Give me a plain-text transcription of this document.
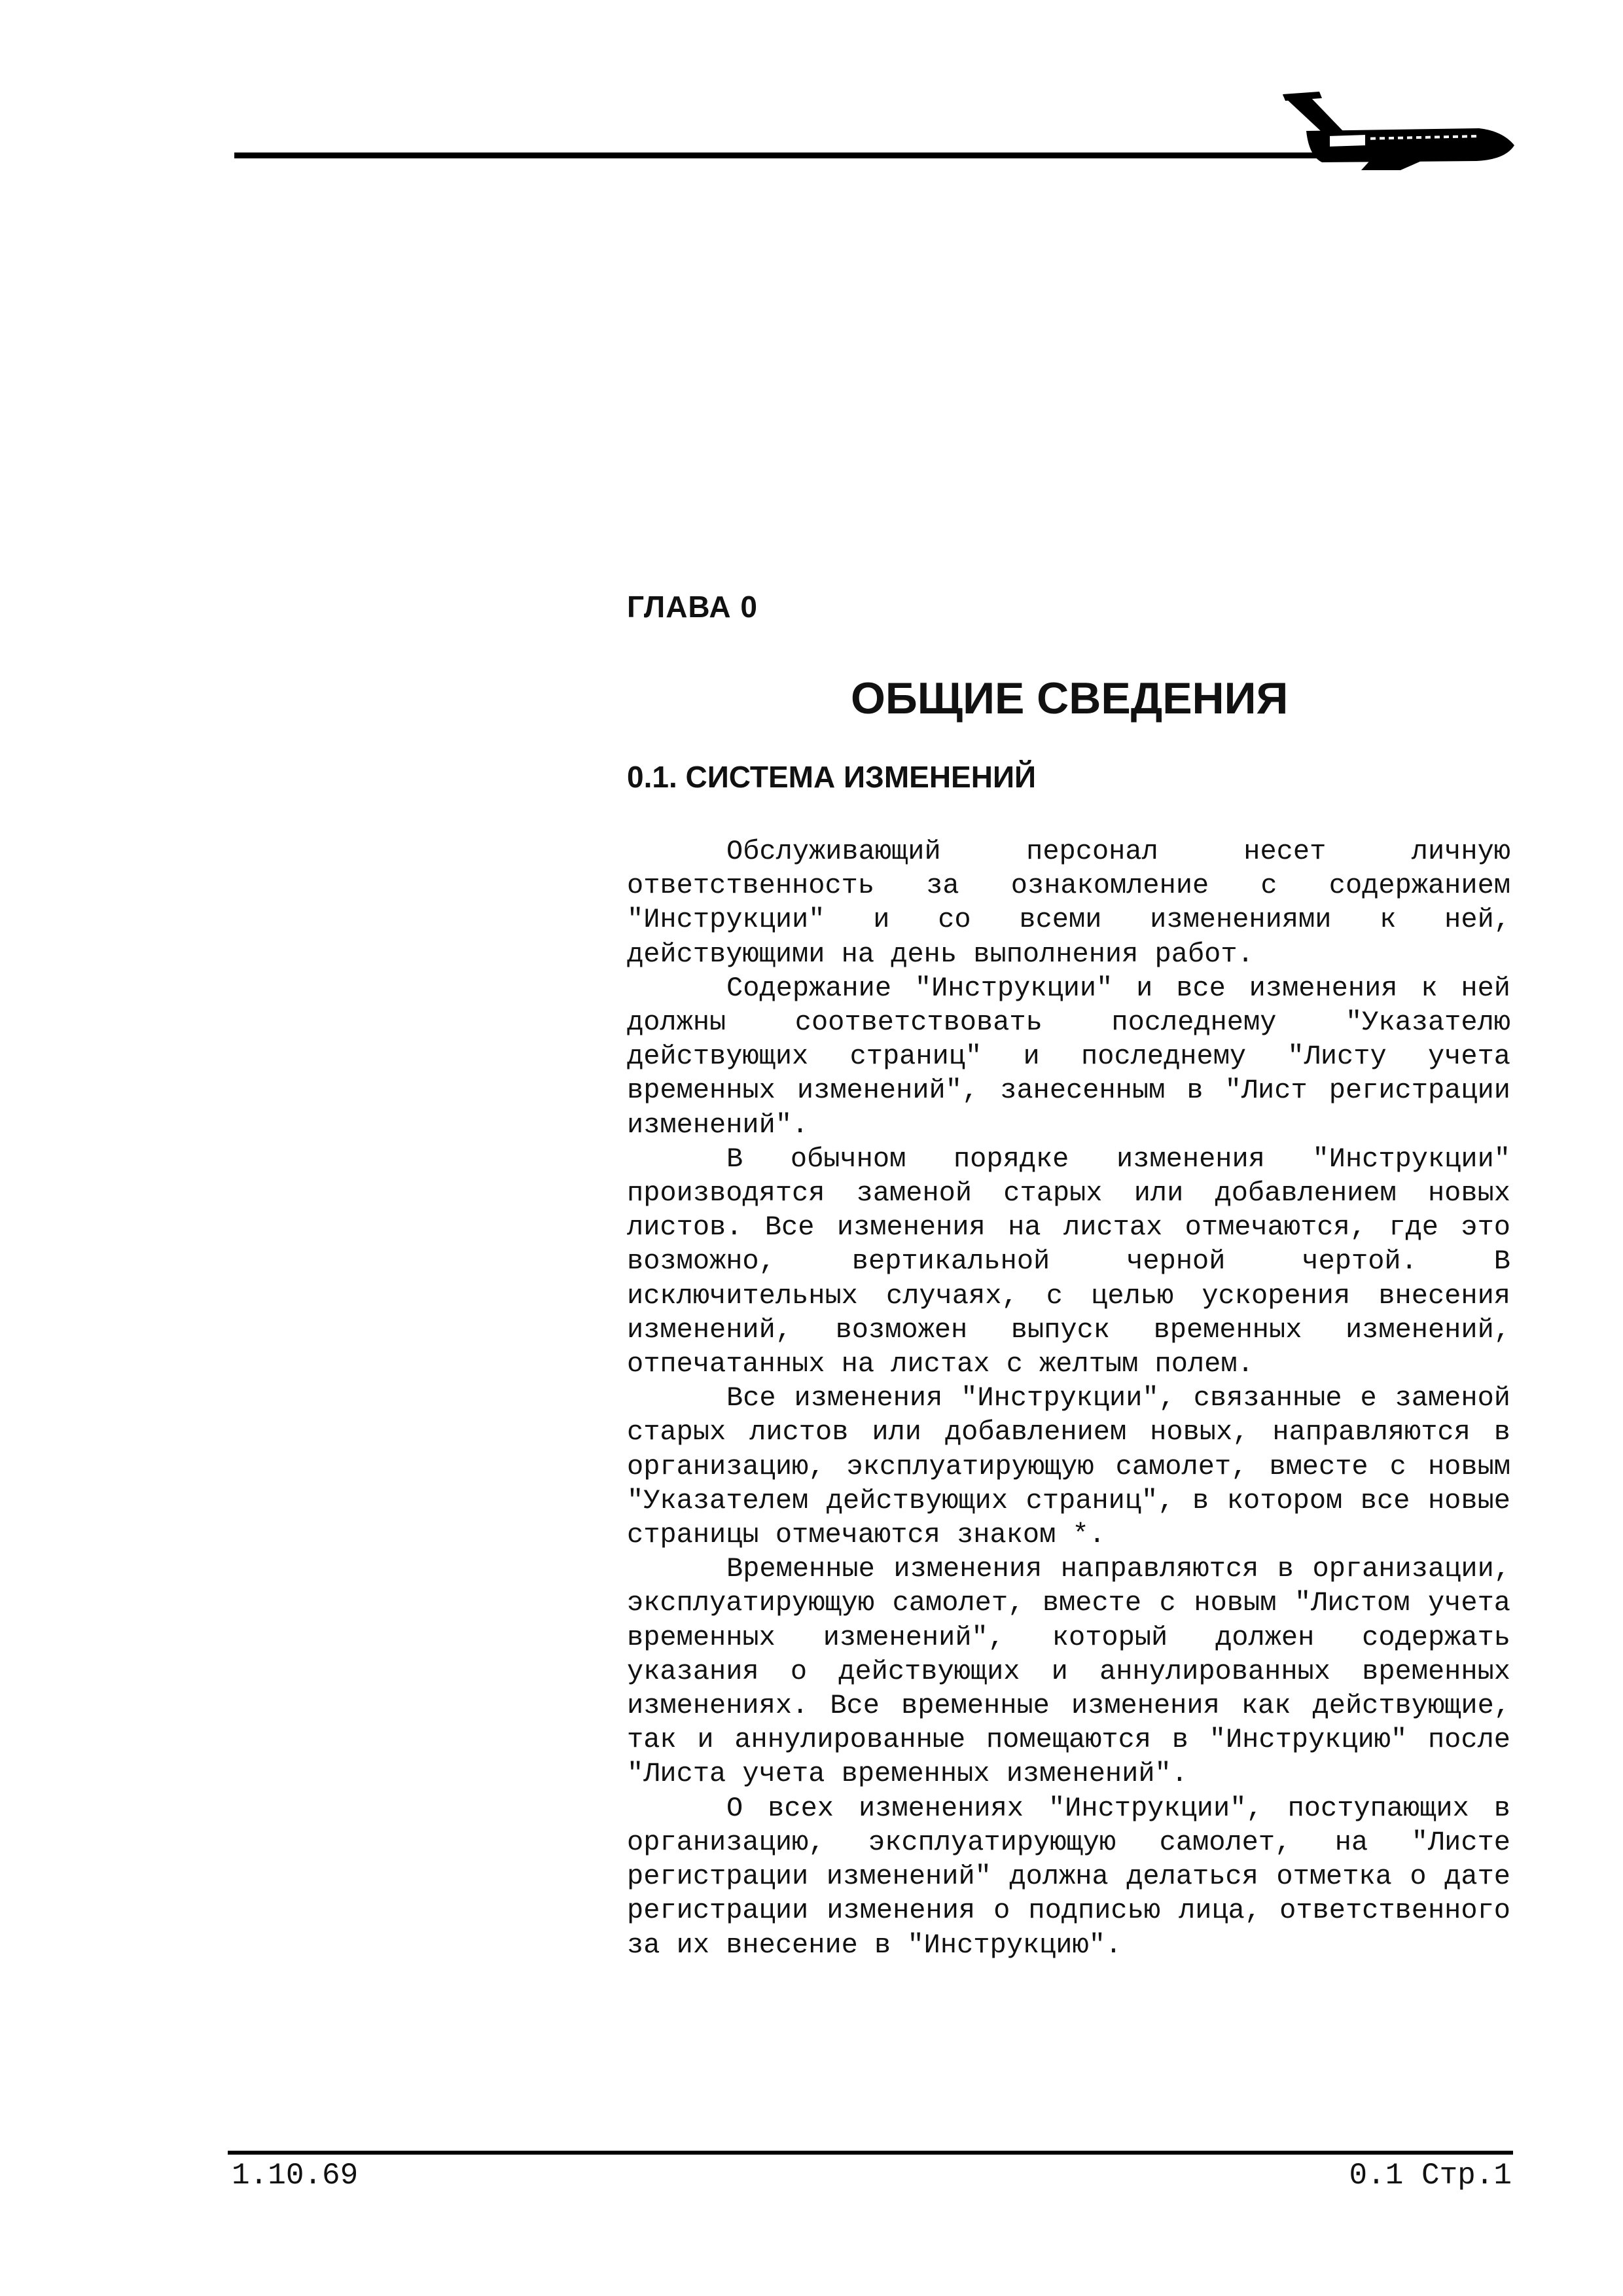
ГЛАВА 0
ОБЩИЕ СВЕДЕНИЯ
0.1. СИСТЕМА ИЗМЕНЕНИЙ

Обслуживающий персонал несет личную ответственность за ознакомление с содержанием "Инструкции" и со всеми изменениями к ней, действующими на день выполнения работ.

Содержание "Инструкции" и все изменения к ней должны соответствовать последнему "Указателю действующих страниц" и последнему "Листу учета временных изменений", занесенным в "Лист регистрации изменений".

В обычном порядке изменения "Инструкции" производятся заменой старых или добавлением новых листов. Все изменения на листах отмечаются, где это возможно, вертикальной черной чертой. В исключительных случаях, с целью ускорения внесения изменений, возможен выпуск временных изменений, отпечатанных на листах с желтым полем.

Все изменения "Инструкции", связанные е заменой старых листов или добавлением новых, направляются в организацию, эксплуатирующую самолет, вместе с новым "Указателем действующих страниц", в котором все новые страницы отмечаются знаком *.

Временные изменения направляются в организации, эксплуатирующую самолет, вместе с новым "Листом учета временных изменений", который должен содержать указания о действующих и аннулированных временных изменениях. Все временные изменения как действующие, так и аннулированные помещаются в "Инструкцию" после "Листа учета временных изменений".

О всех изменениях "Инструкции", поступающих в организацию, эксплуатирующую самолет, на "Листе регистрации изменений" должна делаться отметка о дате регистрации изменения о подписью лица, ответственного за их внесение в "Инструкцию".

1.10.69	0.1 Стр.1
